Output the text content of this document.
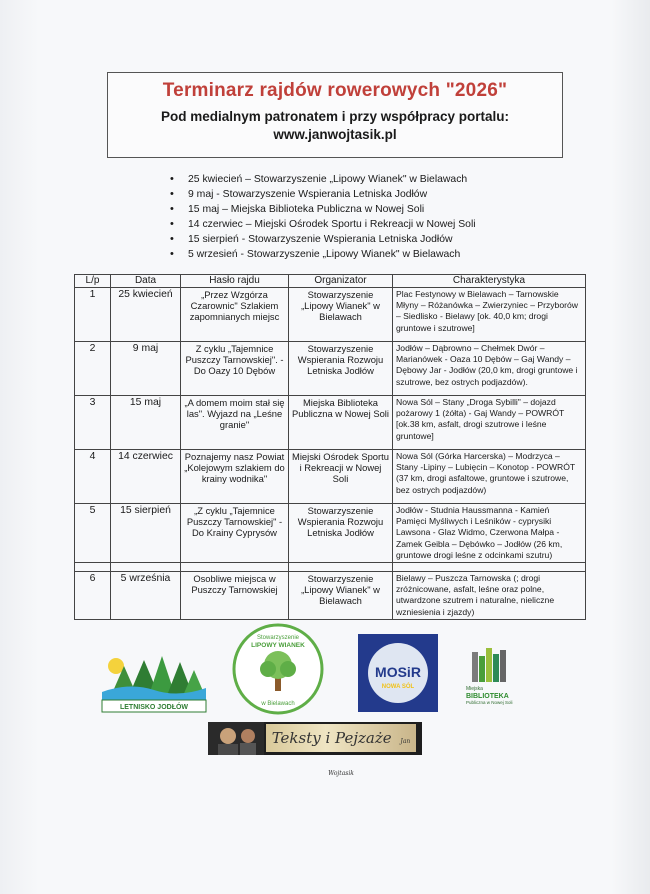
Terminarz rajdów rowerowych "2026"
Pod medialnym patronatem i przy współpracy portalu:
www.janwojtasik.pl
• 25 kwiecień – Stowarzyszenie „Lipowy Wianek" w Bielawach
• 9 maj - Stowarzyszenie Wspierania Letniska Jodłów
• 15 maj – Miejska Biblioteka Publiczna w Nowej Soli
• 14 czerwiec – Miejski Ośrodek Sportu i Rekreacji w Nowej Soli
• 15 sierpień - Stowarzyszenie Wspierania Letniska Jodłów
• 5 wrzesień - Stowarzyszenie „Lipowy Wianek" w Bielawach
L/p	Data	Hasło rajdu	Organizator	Charakterystyka
1	25 kwiecień	„Przez Wzgórza Czarownic" Szlakiem zapomnianych miejsc	Stowarzyszenie „Lipowy Wianek" w Bielawach	Plac Festynowy w Bielawach – Tarnowskie Młyny – Różanówka – Zwierzyniec – Przyborów – Siedlisko - Bielawy [ok. 40,0 km; drogi gruntowe i szutrowe]
2	9 maj	Z cyklu „Tajemnice Puszczy Tarnowskiej". - Do Oazy 10 Dębów	Stowarzyszenie Wspierania Rozwoju Letniska Jodłów	Jodłów – Dąbrowno – Chełmek Dwór – Marianówek - Oaza 10 Dębów – Gaj Wandy – Dębowy Jar - Jodłów (20,0 km, drogi gruntowe i szutrowe, bez ostrych podjazdów).
3	15 maj	„A domem moim stał się las". Wyjazd na „Leśne granie"	Miejska Biblioteka Publiczna w Nowej Soli	Nowa Sól – Stany „Droga Sybilli" – dojazd pożarowy 1 (żółta) - Gaj Wandy – POWRÓT [ok.38 km, asfalt, drogi szutrowe i leśne gruntowe]
4	14 czerwiec	Poznajemy nasz Powiat „Kolejowym szlakiem do krainy wodnika"	Miejski Ośrodek Sportu i Rekreacji w Nowej Soli	Nowa Sól (Górka Harcerska) – Modrzyca – Stany -Lipiny – Lubięcin – Konotop - POWRÓT (37 km, drogi asfaltowe, gruntowe i szutrowe, bez ostrych podjazdów)
5	15 sierpień	„Z cyklu „Tajemnice Puszczy Tarnowskiej" - Do Krainy Cyprysów	Stowarzyszenie Wspierania Rozwoju Letniska Jodłów	Jodłów - Studnia Haussmanna - Kamień Pamięci Myśliwych i Leśników - cyprysiki Lawsona - Glaz Widmo, Czerwona Małpa - Zamek Geibla – Dębówko – Jodłów (26 km, gruntowe drogi leśne z odcinkami szutru)

6	5 września	Osobliwe miejsca w Puszczy Tarnowskiej	Stowarzyszenie „Lipowy Wianek" w Bielawach	Bielawy – Puszcza Tarnowska (; drogi zróżnicowane, asfalt, leśne oraz polne, utwardzone szutrem i naturalne, nieliczne wzniesienia i zjazdy)
LETNISKO JODŁÓW
Stowarzyszenie
LIPOWY WIANEK
w Bielawach
MOSiR
NOWA SÓL	Miejska
BIBLIOTEKA
Publiczna w Nowej Soli
Teksty i Pejzaże Jan Wojtasik
